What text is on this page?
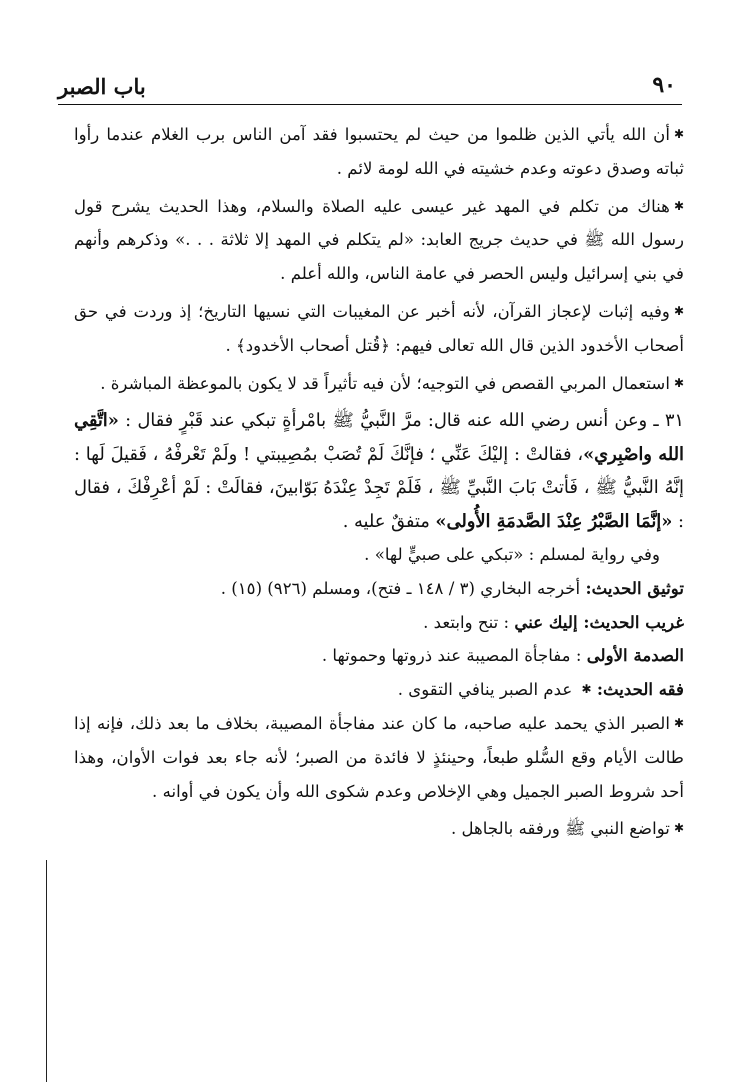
باب الصبر	٩٠

✱أن الله يأتي الذين ظلموا من حيث لم يحتسبوا فقد آمن الناس برب الغلام عندما رأوا ثباته وصدق دعوته وعدم خشيته في الله لومة لائم .

✱هناك من تكلم في المهد غير عيسى عليه الصلاة والسلام، وهذا الحديث يشرح قول رسول الله ﷺ في حديث جريج العابد: «لم يتكلم في المهد إلا ثلاثة . . .» وذكرهم وأنهم في بني إسرائيل وليس الحصر في عامة الناس، والله أعلم .

✱وفيه إثبات لإعجاز القرآن، لأنه أخبر عن المغيبات التي نسيها التاريخ؛ إذ وردت في حق أصحاب الأخدود الذين قال الله تعالى فيهم: ﴿قُتل أصحاب الأخدود﴾ .

✱استعمال المربي القصص في التوجيه؛ لأن فيه تأثيراً قد لا يكون بالموعظة المباشرة .

٣١ ـ وعن أنس رضي الله عنه قال: مرَّ النَّبيُّ ﷺ بامْرأةٍ تبكي عند قَبْرٍ فقال : «اتَّقِي الله واصْبِري»، فقالتْ : إليْكَ عَنِّي ؛ فإنَّكَ لَمْ تُصَبْ بمُصِيبتي ! ولَمْ تَعْرفْهُ ، فَقيلَ لَها : إنَّهُ النَّبيُّ ﷺ ، فَأتتْ بَابَ النَّبيِّ ﷺ ، فَلَمْ تَجِدْ عِنْدَهُ بَوّابينَ، فقالَتْ : لَمْ أعْرِفْكَ ، فقال : «إنَّمَا الصَّبْرُ عِنْدَ الصَّدمَةِ الأُولى» متفقٌ عليه .

وفي رواية لمسلم : «تبكي على صبيٍّ لها» .

توثيق الحديث: أخرجه البخاري (٣ / ١٤٨ ـ فتح)، ومسلم (٩٢٦) (١٥) .

غريب الحديث: إليك عني : تنح وابتعد .

الصدمة الأولى : مفاجأة المصيبة عند ذروتها وحموتها .

فقه الحديث: ✱ عدم الصبر ينافي التقوى .

✱الصبر الذي يحمد عليه صاحبه، ما كان عند مفاجأة المصيبة، بخلاف ما بعد ذلك، فإنه إذا طالت الأيام وقع السُّلو طبعاً، وحينئذٍ لا فائدة من الصبر؛ لأنه جاء بعد فوات الأوان، وهذا أحد شروط الصبر الجميل وهي الإخلاص وعدم شكوى الله وأن يكون في أوانه .

✱تواضع النبي ﷺ ورفقه بالجاهل .
